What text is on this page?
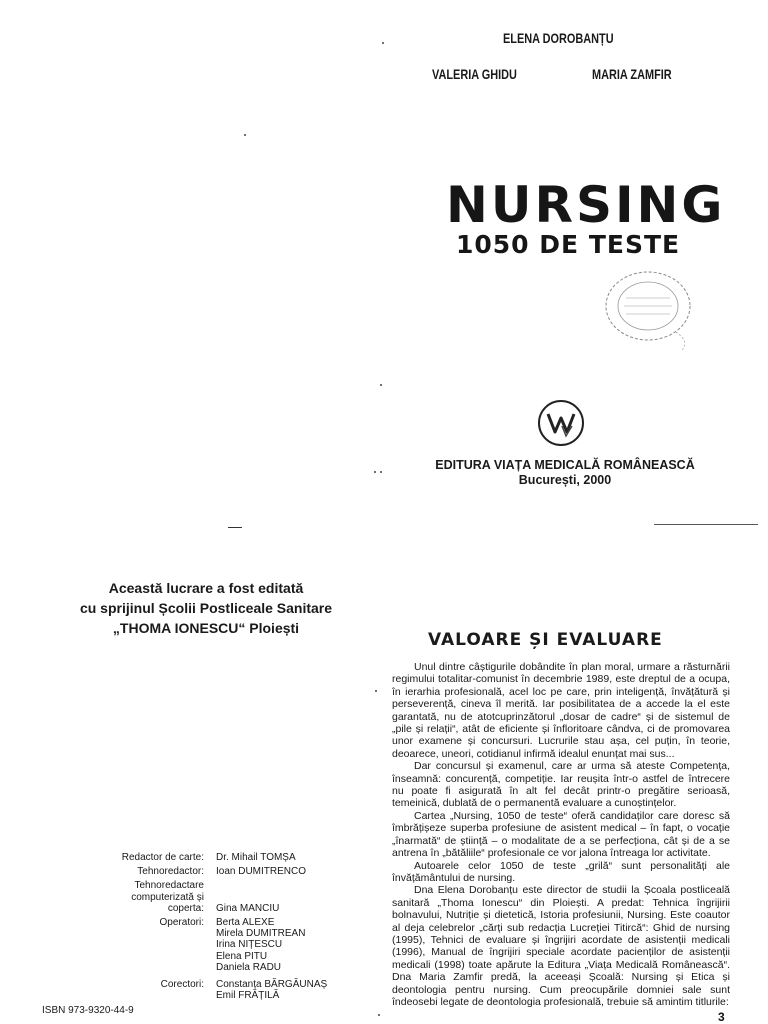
ELENA DOROBANȚU
VALERIA GHIDU	MARIA ZAMFIR
NURSING
1050 DE TESTE
EDITURA VIAȚA MEDICALĂ ROMÂNEASCĂ
București, 2000
Această lucrare a fost editată
cu sprijinul Școlii Postliceale Sanitare
„THOMA IONESCU“ Ploiești
VALOARE ȘI EVALUARE

Unul dintre câștigurile dobândite în plan moral, urmare a răsturnării regimului totalitar-comunist în decembrie 1989, este dreptul de a ocupa, în ierarhia profesională, acel loc pe care, prin inteligență, învățătură și perseverență, cineva îl merită. Iar posibilitatea de a accede la el este garantată, nu de atotcuprinzătorul „dosar de cadre“ și de sistemul de „pile și relații“, atât de eficiente și înfloritoare cândva, ci de promovarea unor examene și concursuri. Lucrurile stau așa, cel puțin, în teorie, deoarece, uneori, cotidianul infirmă idealul enunțat mai sus...

Dar concursul și examenul, care ar urma să ateste Competența, înseamnă: concurență, competiție. Iar reușita într-o astfel de întrecere nu poate fi asigurată în alt fel decât printr-o pregătire serioasă, temeinică, dublată de o permanentă evaluare a cunoștințelor.

Cartea „Nursing, 1050 de teste“ oferă candidaților care doresc să îmbrățișeze superba profesiune de asistent medical – în fapt, o vocație „înarmată“ de știință – o modalitate de a se perfecționa, cât și de a se antrena în „bătăliile“ profesionale ce vor jalona întreaga lor activitate.

Autoarele celor 1050 de teste „grilă“ sunt personalități ale învățământului de nursing.

Dna Elena Dorobanțu este director de studii la Școala postliceală sanitară „Thoma Ionescu“ din Ploiești. A predat: Tehnica îngrijirii bolnavului, Nutriție și dietetică, Istoria profesiunii, Nursing. Este coautor al deja celebrelor „cărți sub redacția Lucreției Titircă“: Ghid de nursing (1995), Tehnici de evaluare și îngrijiri acordate de asistenții medicali (1996), Manual de îngrijiri speciale acordate pacienților de asistenții medicali (1998) toate apărute la Editura „Viața Medicală Românească“. Dna Maria Zamfir predă, la aceeași Școală: Nursing și Etica și deontologia pentru nursing. Cum preocupările domniei sale sunt îndeosebi legate de deontologia profesională, trebuie să amintim titlurile:

Redactor de carte:	Dr. Mihail TOMȘA
Tehnoredactor:	Ioan DUMITRENCO
Tehnoredactare computerizată și coperta:	Gina MANCIU
Operatori:	Berta ALEXE
Mirela DUMITREAN
Irina NIȚESCU
Elena PITU
Daniela RADU
Corectori:	Constanța BĂRGĂUNAȘ
Emil FRĂȚILĂ
ISBN 973-9320-44-9	3
